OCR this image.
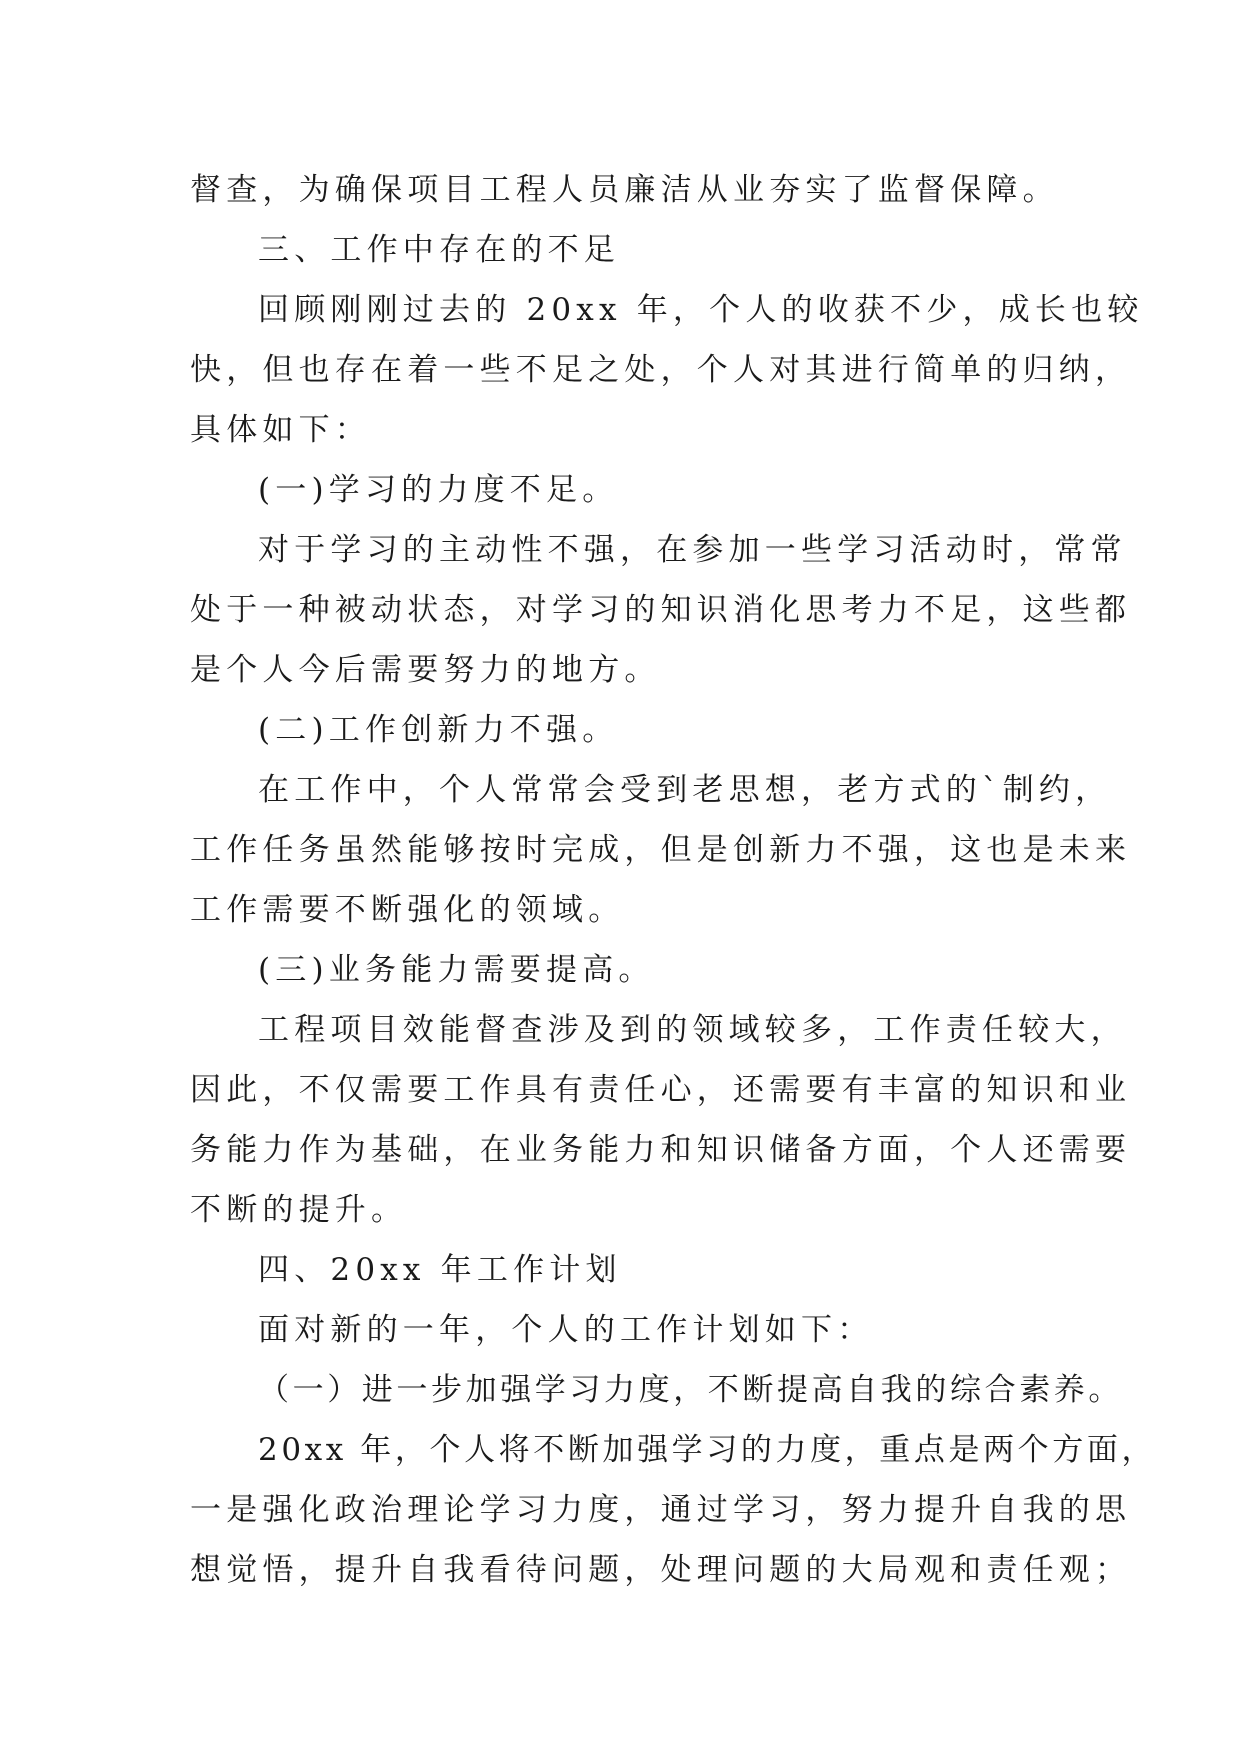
督查，为确保项目工程人员廉洁从业夯实了监督保障。
三、工作中存在的不足
回顾刚刚过去的 20xx 年，个人的收获不少，成长也较
快，但也存在着一些不足之处，个人对其进行简单的归纳，
具体如下：
(一)学习的力度不足。
对于学习的主动性不强，在参加一些学习活动时，常常
处于一种被动状态，对学习的知识消化思考力不足，这些都
是个人今后需要努力的地方。
(二)工作创新力不强。
在工作中，个人常常会受到老思想，老方式的`制约，
工作任务虽然能够按时完成，但是创新力不强，这也是未来
工作需要不断强化的领域。
(三)业务能力需要提高。
工程项目效能督查涉及到的领域较多，工作责任较大，
因此，不仅需要工作具有责任心，还需要有丰富的知识和业
务能力作为基础，在业务能力和知识储备方面，个人还需要
不断的提升。
四、20xx 年工作计划
面对新的一年，个人的工作计划如下：
（一）进一步加强学习力度，不断提高自我的综合素养。
20xx 年，个人将不断加强学习的力度，重点是两个方面，
一是强化政治理论学习力度，通过学习，努力提升自我的思
想觉悟，提升自我看待问题，处理问题的大局观和责任观；
